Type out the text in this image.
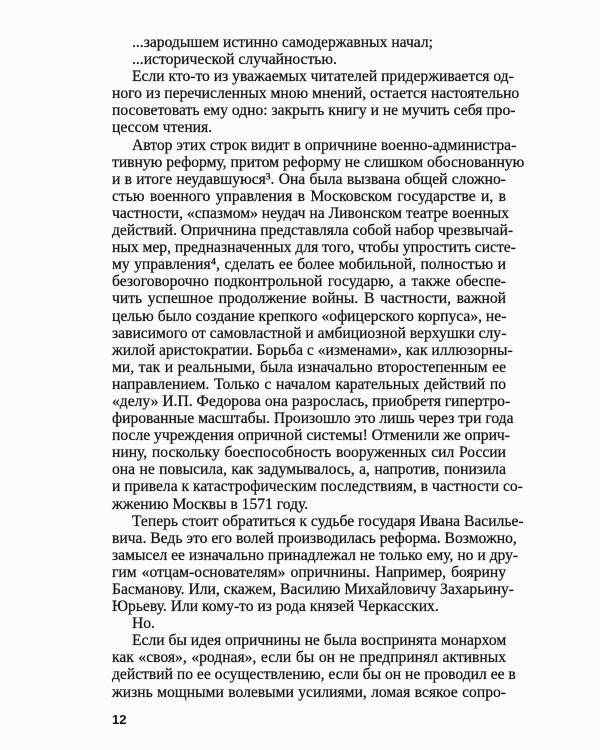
...зародышем истинно самодержавных начал;
...исторической случайностью.
Если кто-то из уважаемых читателей придерживается од-
ного из перечисленных мною мнений, остается настоятельно
посоветовать ему одно: закрыть книгу и не мучить себя про-
цессом чтения.
Автор этих строк видит в опричнине военно-администра-
тивную реформу, притом реформу не слишком обоснованную
и в итоге неудавшуюся³. Она была вызвана общей сложно-
стью военного управления в Московском государстве и, в
частности, «спазмом» неудач на Ливонском театре военных
действий. Опричнина представляла собой набор чрезвычай-
ных мер, предназначенных для того, чтобы упростить систе-
му управления⁴, сделать ее более мобильной, полностью и
безоговорочно подконтрольной государю, а также обеспе-
чить успешное продолжение войны. В частности, важной
целью было создание крепкого «офицерского корпуса», не-
зависимого от самовластной и амбициозной верхушки слу-
жилой аристократии. Борьба с «изменами», как иллюзорны-
ми, так и реальными, была изначально второстепенным ее
направлением. Только с началом карательных действий по
«делу» И.П. Федорова она разрослась, приобретя гипертро-
фированные масштабы. Произошло это лишь через три года
после учреждения опричной системы! Отменили же оприч-
нину, поскольку боеспособность вооруженных сил России
она не повысила, как задумывалось, а, напротив, понизила
и привела к катастрофическим последствиям, в частности со-
жжению Москвы в 1571 году.
Теперь стоит обратиться к судьбе государя Ивана Василье-
вича. Ведь это его волей производилась реформа. Возможно,
замысел ее изначально принадлежал не только ему, но и дру-
гим «отцам-основателям» опричнины. Например, боярину
Басманову. Или, скажем, Василию Михайловичу Захарьину-
Юрьеву. Или кому-то из рода князей Черкасских.
Но.
Если бы идея опричнины не была воспринята монархом
как «своя», «родная», если бы он не предпринял активных
действий по ее осуществлению, если бы он не проводил ее в
жизнь мощными волевыми усилиями, ломая всякое сопро-
12
